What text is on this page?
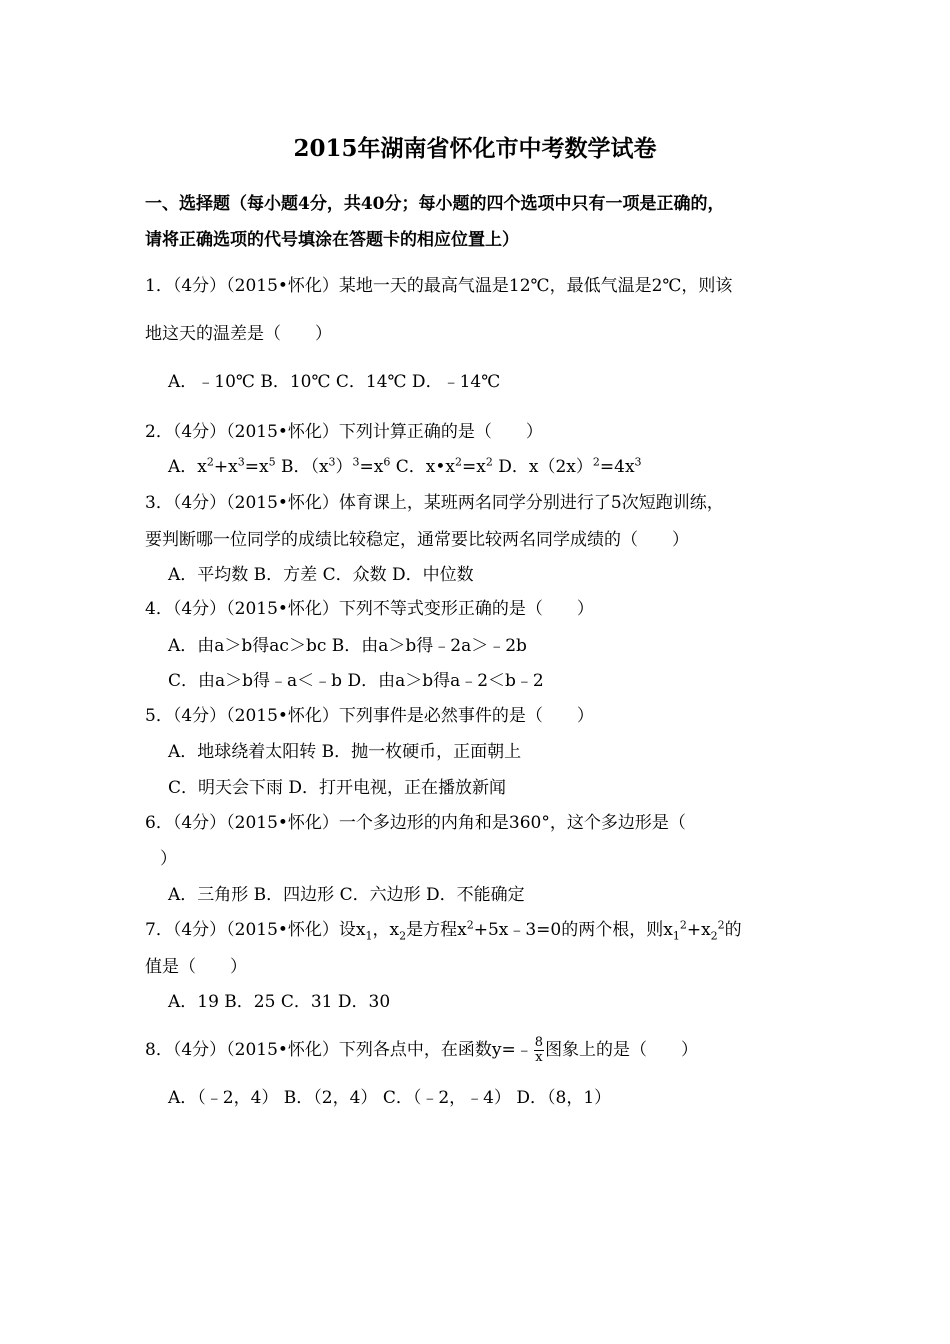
2015年湖南省怀化市中考数学试卷
一、选择题（每小题4分，共40分；每小题的四个选项中只有一项是正确的，
请将正确选项的代号填涂在答题卡的相应位置上）
1．（4分）（2015•怀化）某地一天的最高气温是12℃，最低气温是2℃，则该
地这天的温差是（　　）
A．﹣10℃ B．10℃ C．14℃ D．﹣14℃
2．（4分）（2015•怀化）下列计算正确的是（　　）
A．$x^2+x^3=x^5$ B．$(x^3)^3=x^6$ C．$x•x^2=x^2$ D．$x(2x)^2=4x^3$
3．（4分）（2015•怀化）体育课上，某班两名同学分别进行了5次短跑训练，
要判断哪一位同学的成绩比较稳定，通常要比较两名同学成绩的（　　）
A．平均数 B．方差 C．众数 D．中位数
4．（4分）（2015•怀化）下列不等式变形正确的是（　　）
A．由a＞b得ac＞bc B．由a＞b得﹣2a＞﹣2b
C．由a＞b得﹣a＜﹣b D．由a＞b得a﹣2＜b﹣2
5．（4分）（2015•怀化）下列事件是必然事件的是（　　）
A．地球绕着太阳转 B．抛一枚硬币，正面朝上
C．明天会下雨 D．打开电视，正在播放新闻
6．（4分）（2015•怀化）一个多边形的内角和是360°，这个多边形是（
）
A．三角形 B．四边形 C．六边形 D．不能确定
7．（4分）（2015•怀化）设$x_1$，$x_2$是方程$x^2+5x﹣3=0$的两个根，则$x_1^2+x_2^2$的
值是（　　）
A．19 B．25 C．31 D．30
8．（4分）（2015•怀化）下列各点中，在函数y=﹣ $\frac{8}{x}$ 图象上的是（　　）
A．（﹣2，4） B．（2，4） C．（﹣2，﹣4） D．（8，1）
